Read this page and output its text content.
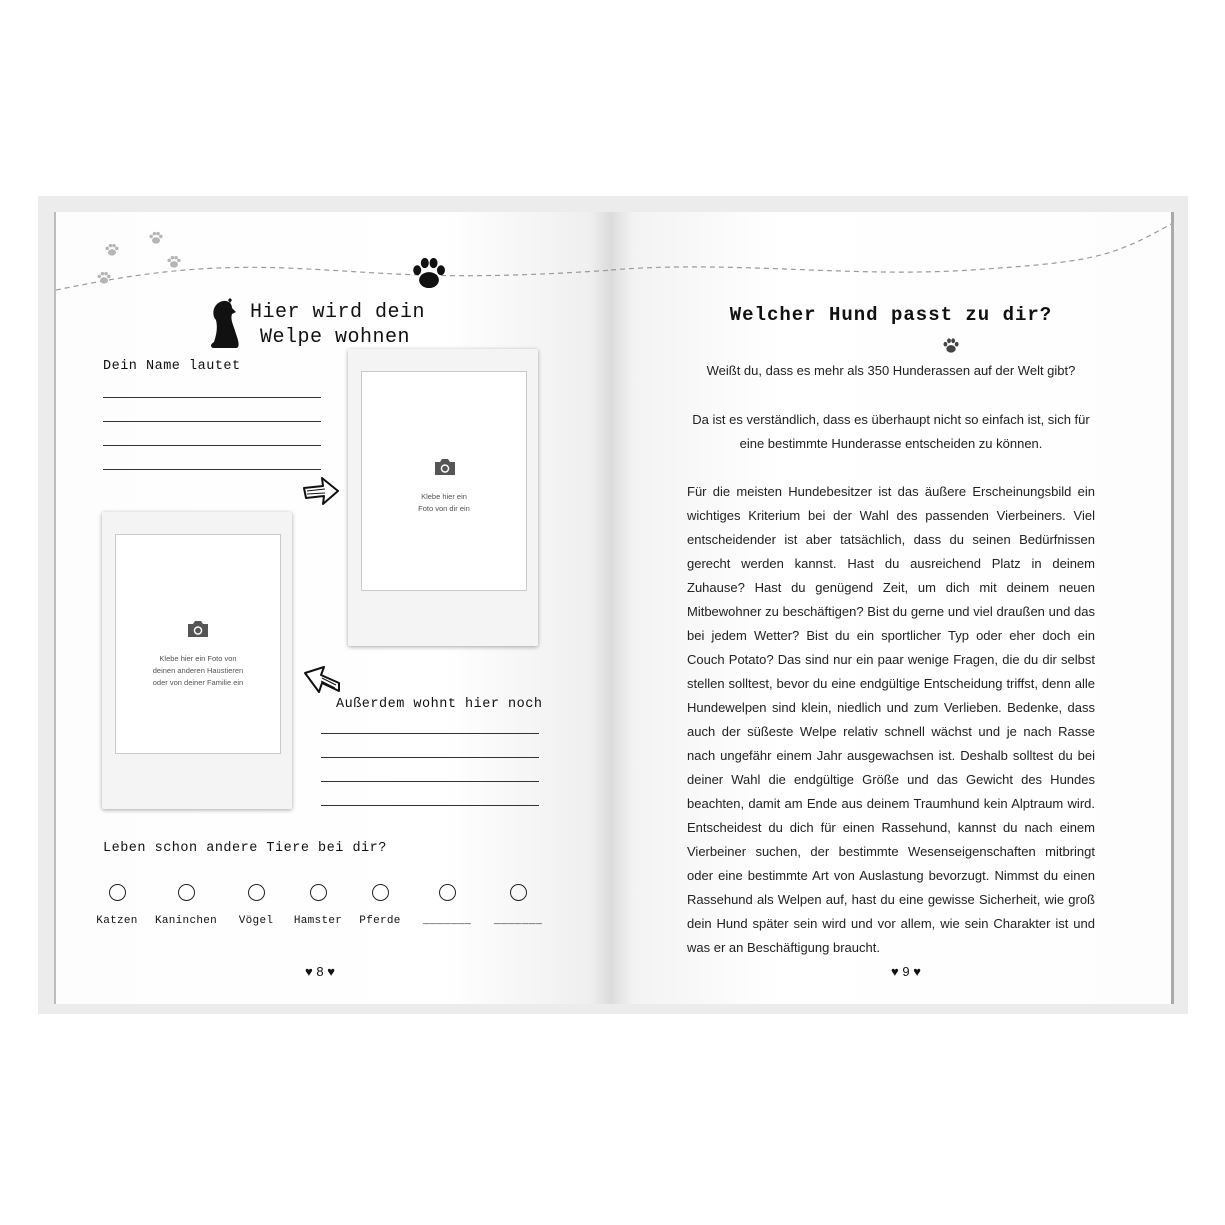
Hier wird dein
Welpe wohnen
Dein Name lautet
Klebe hier ein
Foto von dir ein
Klebe hier ein Foto von
deinen anderen Haustieren
oder von deiner Familie ein
Außerdem wohnt hier noch
Leben schon andere Tiere bei dir?
Katzen Kaninchen Vögel Hamster Pferde _______ _______
♥ 8 ♥
Welcher Hund passt zu dir?
Weißt du, dass es mehr als 350 Hunderassen auf der Welt gibt?
Da ist es verständlich, dass es überhaupt nicht so einfach ist, sich für eine bestimmte Hunderasse entscheiden zu können.
Für die meisten Hundebesitzer ist das äußere Erscheinungsbild ein wichtiges Kriterium bei der Wahl des passenden Vierbeiners. Viel entscheidender ist aber tatsächlich, dass du seinen Bedürfnissen gerecht werden kannst. Hast du ausreichend Platz in deinem Zuhause? Hast du genügend Zeit, um dich mit deinem neuen Mitbewohner zu beschäftigen? Bist du gerne und viel draußen und das bei jedem Wetter? Bist du ein sportlicher Typ oder eher doch ein Couch Potato? Das sind nur ein paar wenige Fragen, die du dir selbst stellen solltest, bevor du eine endgültige Entscheidung triffst, denn alle Hundewelpen sind klein, niedlich und zum Verlieben. Bedenke, dass auch der süßeste Welpe relativ schnell wächst und je nach Rasse nach ungefähr einem Jahr ausgewachsen ist. Deshalb solltest du bei deiner Wahl die endgültige Größe und das Gewicht des Hundes beachten, damit am Ende aus deinem Traumhund kein Alptraum wird. Entscheidest du dich für einen Rassehund, kannst du nach einem Vierbeiner suchen, der bestimmte Wesenseigenschaften mitbringt oder eine bestimmte Art von Auslastung bevorzugt. Nimmst du einen Rassehund als Welpen auf, hast du eine gewisse Sicherheit, wie groß dein Hund später sein wird und vor allem, wie sein Charakter ist und was er an Beschäftigung braucht.
♥ 9 ♥
